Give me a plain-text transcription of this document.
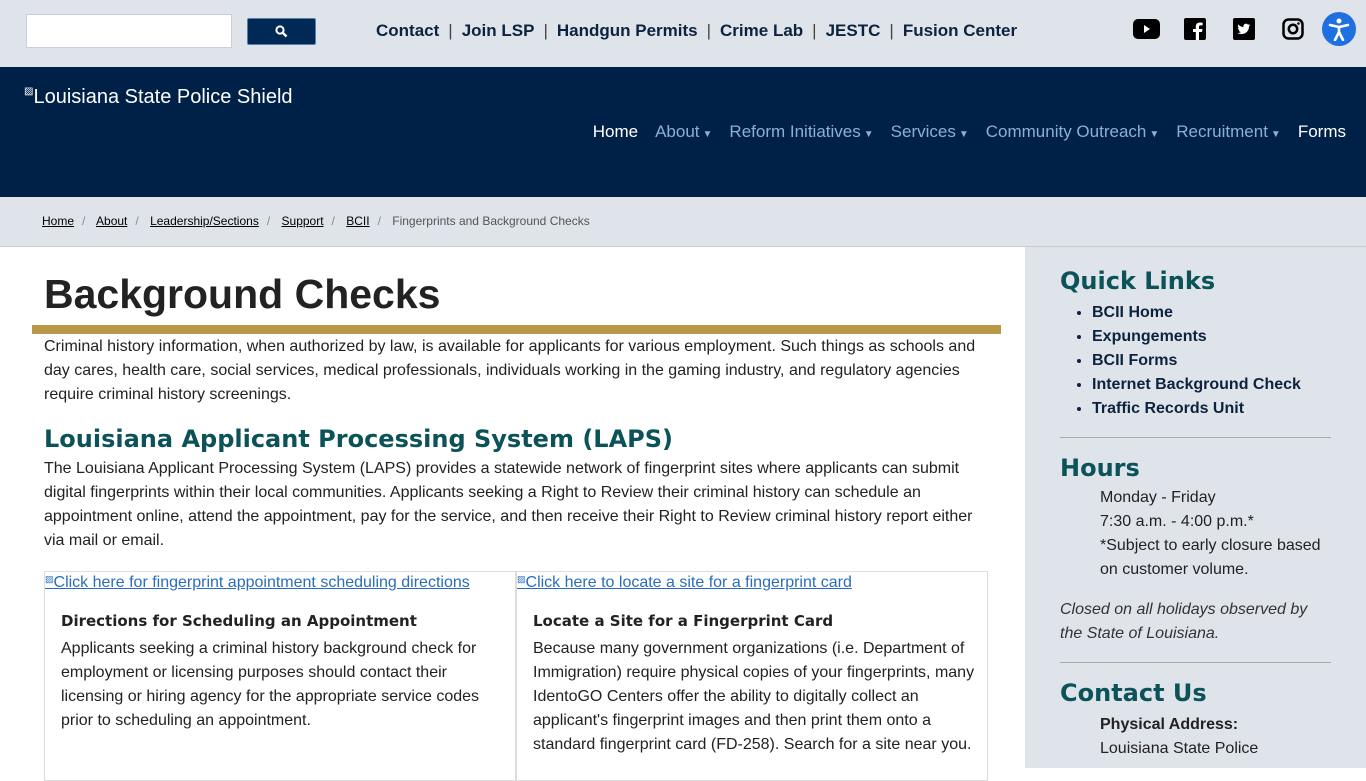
Contact | Join LSP | Handgun Permits | Crime Lab | JESTC | Fusion Center
▨Louisiana State Police Shield
Home About ▼ Reform Initiatives ▼ Services ▼ Community Outreach ▼ Recruitment ▼ Forms
Home / About / Leadership/Sections / Support / BCII / Fingerprints and Background Checks
Background Checks

Criminal history information, when authorized by law, is available for applicants for various employment. Such things as schools and day cares, health care, social services, medical professionals, individuals working in the gaming industry, and regulatory agencies require criminal history screenings.

Louisiana Applicant Processing System (LAPS)

The Louisiana Applicant Processing System (LAPS) provides a statewide network of fingerprint sites where applicants can submit digital fingerprints within their local communities. Applicants seeking a Right to Review their criminal history can schedule an appointment online, attend the appointment, pay for the service, and then receive their Right to Review criminal history report either via mail or email.

▨Click here for fingerprint appointment scheduling directions
Directions for Scheduling an Appointment
Applicants seeking a criminal history background check for employment or licensing purposes should contact their licensing or hiring agency for the appropriate service codes prior to scheduling an appointment.
▨Click here to locate a site for a fingerprint card
Locate a Site for a Fingerprint Card
Because many government organizations (i.e. Department of Immigration) require physical copies of your fingerprints, many IdentoGO Centers offer the ability to digitally collect an applicant's fingerprint images and then print them onto a standard fingerprint card (FD-258). Search for a site near you.
Quick Links
• BCII Home
• Expungements
• BCII Forms
• Internet Background Check
• Traffic Records Unit
Hours
Monday - Friday
7:30 a.m. - 4:00 p.m.*
*Subject to early closure based on customer volume.
Closed on all holidays observed by the State of Louisiana.
Contact Us
Physical Address:
Louisiana State Police
